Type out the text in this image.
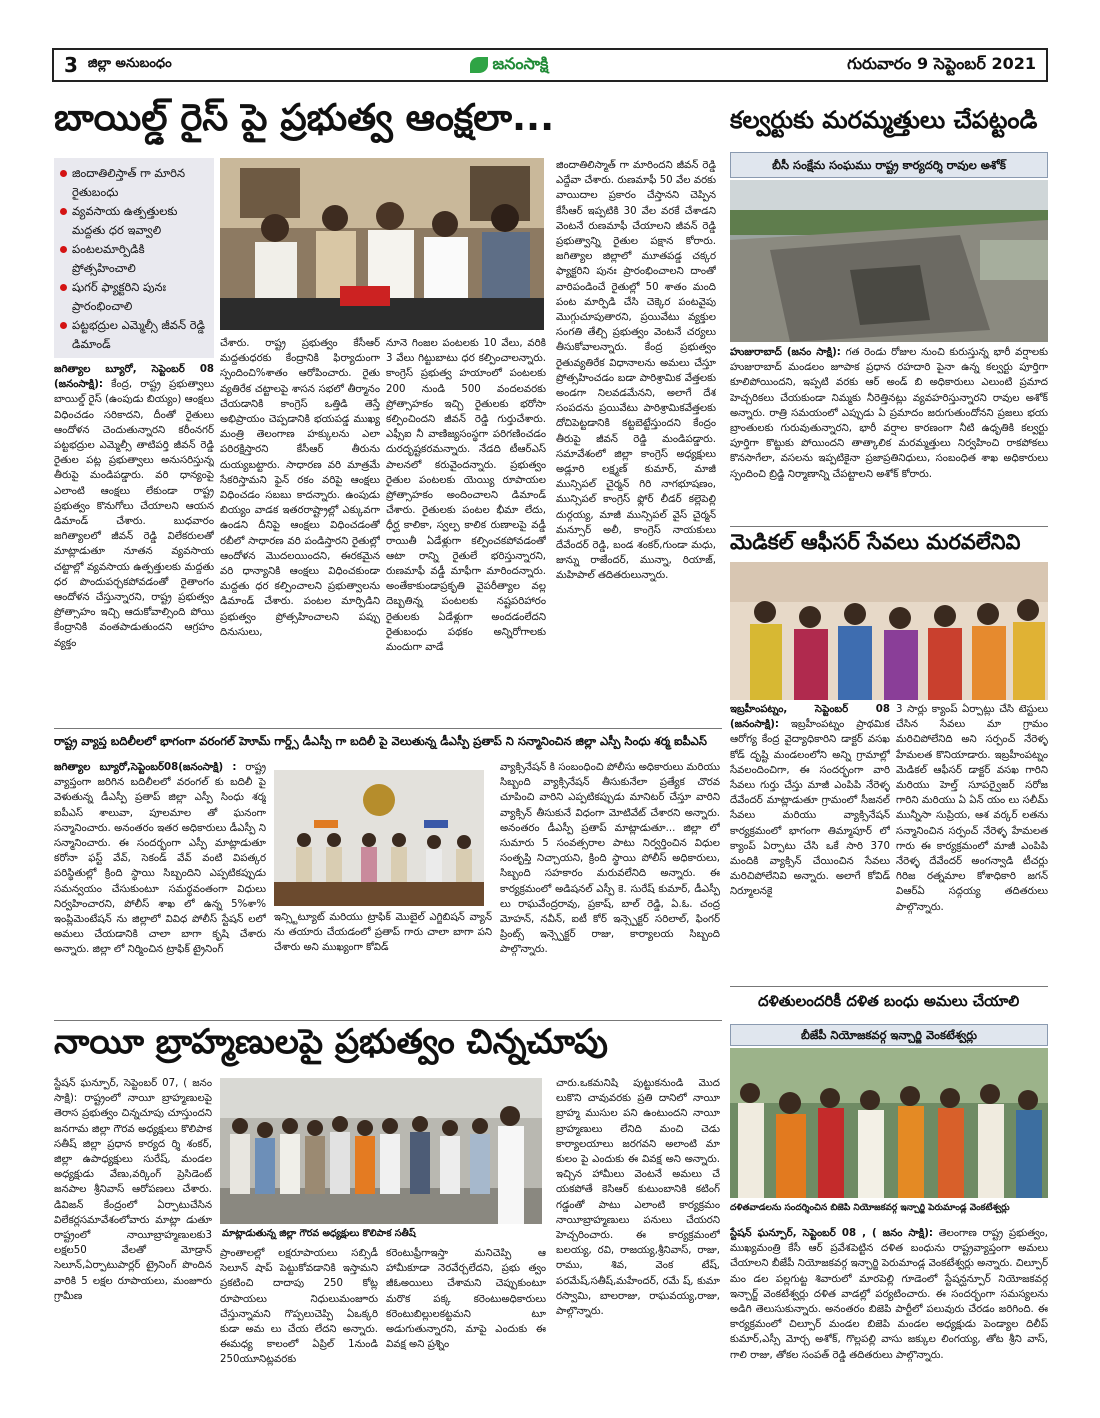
3 జిల్లా అనుబంధం	జనంసాక్షి	గురువారం 9 సెప్టెంబర్ 2021
బాయిల్డ్ రైస్ పై ప్రభుత్వ ఆంక్షలా...
జిందాతిలిస్తాత్ గా మారిన రైతుబంధు
వ్యవసాయ ఉత్పత్తులకు మద్దతు ధర ఇవ్వాలి
పంటలమార్పిడికి ప్రోత్సహించాలి
షుగర్ ఫ్యాక్టరిని పునః ప్రారంభించాలి
పట్టభద్రుల ఎమ్మెల్సీ జీవన్ రెడ్డి డిమాండ్
జగిత్యాల బ్యూరో, సెప్టెంబర్ 08 (జనంసాక్షి): కేంద్ర, రాష్ట్ర ప్రభుత్వాలు బాయిల్డ్ రైస్ (ఉంపుడు బియ్యం) ఆంక్షలు విధించడం సరికాదని, దీంతో రైతులు ఆందోళన చెందుతున్నారని కరీంనగర్ పట్టభద్రుల ఎమ్మెల్సీ తాటిపర్తి జీవన్ రెడ్డి రైతుల పట్ల ప్రభుత్వాలు అనుసరిస్తున్న తీరుపై మండిపడ్డారు. వరి ధాన్యంపై ఎలాంటి ఆంక్షలు లేకుండా రాష్ట్ర ప్రభుత్వం కొనుగోలు చేయాలని ఆయన డిమాండ్ చేశారు. బుధవారం జగిత్యాలలో జీవన్ రెడ్డి విలేకరులతో మాట్లాడుతూ నూతన వ్యవసాయ చట్టాల్లో వ్యవసాయ ఉత్పత్తులకు మద్దతు ధర పొందుపర్చకపోవడంతో రైతాంగం ఆందోళన చేస్తున్నారని, రాష్ట్ర ప్రభుత్వం ప్రోత్సాహం ఇచ్చి ఆదుకోవాల్సింది పోయి కేంద్రానికి వంతపాడుతుందని ఆగ్రహం వ్యక్తం
చేశారు. రాష్ట్ర ప్రభుత్వం కేసీఆర్ మద్దతుధరకు కేంద్రానికి ఫిర్యాదుంగా స్పందించి%శాతం ఆరోపించారు. రైతు వ్యతిరేక చట్టాలపై శాసన సభలో తీర్మానం చేయడానికి కాంగ్రెస్ ఒత్తిడి తెస్తే అభిప్రాయం చెప్పడానికి భయపడ్డ ముఖ్య మంత్రి తెలంగాణ హక్కులను ఎలా పరిరక్షిస్తారని కేసీఆర్ తీరును దుయ్యబట్టారు. సాధారణ వరి మాత్రమే సేకరిస్తామని ఫైన్ రకం వరిపై ఆంక్షలు విధించడం సబబు కాదన్నారు. ఉంపుడు బియ్యం వాడక ఇతరరాష్ట్రాల్లో ఎక్కువగా ఉండని దీనిపై ఆంక్షలు విధించడంతో రబీలో సాధారణ వరి పండిస్తారని రైతుల్లో ఆందోళన మొదలయిందని, ఈరకమైన వరి ధాన్యానికి ఆంక్షలు విధించకుండా మద్దతు ధర కల్పించాలని ప్రభుత్వాలను డిమాండ్ చేశారు. పంటల మార్పిడిని ప్రభుత్వం ప్రోత్సహించాలని పప్పు దినుసులు,
నూనె గింజల పంటలకు 10 వేలు, వరికి 3 వేలు గిట్టుబాటు ధర కల్పించాలన్నారు. కాంగ్రెస్ ప్రభుత్వ హయాంలో పంటలకు 200 నుండి 500 వందలవరకు ప్రోత్సాహకం ఇచ్చి రైతులకు భరోసా కల్పించిందని జీవన్ రెడ్డి గుర్తుచేశారు. ఎఫ్సీఐ నీ వాణిజ్యసంస్థగా పరిగణించడం దురదృష్టకరమన్నారు. నేడది టీఆర్ఎస్ పాలనలో కరువైందన్నారు. ప్రభుత్వం రైతుల పంటలకు యెయ్యి రూపాయల ప్రోత్సాహకం అందించాలని డిమాండ్ చేశారు. రైతులకు పంటల భీమా లేదు, ధీర్ఘ కాలికా, స్వల్ప కాలిక రుణాలపై వడ్డీ రాయితీ ఏడేళ్లుగా కల్పించకపోవడంతో ఆటా రాన్ని రైతులే భరిస్తున్నారని, రుణమాఫీ వడ్డీ మాఫీగా మారిందన్నారు. అంతేకాకుండాప్రకృతి వైపరీత్యాల వల్ల దెబ్బతిన్న పంటలకు నష్టపరిహారం రైతులకు ఏడేళ్లుగా అందడంలేదని రైతుబంధు పథకం అన్నిరోగాలకు మందుగా వాడే
జిందాతిలిస్మాత్ గా మారిందని జీవన్ రెడ్డి ఎద్దేవా చేశారు. రుణమాఫీ 50 వేల వరకు వాయిదాల ప్రకారం చేస్తానని చెప్పిన కేసీఆర్ ఇప్పటికి 30 వేల వరకే చేశాడని వెంటనే రుణమాఫీ చేయాలని జీవన్ రెడ్డి ప్రభుత్వాన్ని రైతుల పక్షాన కోరారు. జగిత్యాల జిల్లాలో మూతపడ్డ చక్కర ఫ్యాక్టరిని పునః ప్రారంభించాలని దాంతో వారిపండించే రైతుల్లో 50 శాతం మంది పంట మార్పిడి చేసి చెక్కెర పంటవైపు మొగ్గుచూపుతారని, ప్రయివేటు వ్యక్తుల సంగతి తేల్చి ప్రభుత్వం వెంటనే చర్యలు తీసుకోవాలన్నారు. కేంద్ర ప్రభుత్వం రైతువ్యతిరేక విధానాలను అమలు చేస్తూ ప్రోత్సహించడం బడా పారిశ్రామిక వేత్తలకు అండగా నిలవడమేనని, అలాగే దేశ సంపదను ప్రయివేటు పారిశ్రామికవేత్తలకు దోచిపెట్టడానికి కట్టబెట్టేస్తుందని కేంద్రం తీరుపై జీవన్ రెడ్డి మండిపడ్డారు. సమావేశంలో జిల్లా కాంగ్రెస్ అధ్యక్షులు అడ్లూరి లక్ష్మణ్ కుమార్, మాజీ మున్సిపల్ చైర్మన్ గిరి నాగభూషణం, మున్సిపల్ కాంగ్రెస్ ఫ్లోర్ లీడర్ కల్లెపెల్లి దుర్గయ్య, మాజీ మున్సిపల్ వైస్ చైర్మన్ మన్సూర్ అలీ, కాంగ్రెస్ నాయకులు దేవేందర్ రెడ్డి, బండ శంకర్,గుండా మధు, జున్ను రాజేందర్, మున్నా, రియాజ్, మహిపాల్ తదితరులున్నారు.
కల్వర్టుకు మరమ్మత్తులు చేపట్టండి
బీసీ సంక్షేమ సంఘము రాష్ట్ర కార్యదర్శి రావుల అశోక్
హుజురాబాద్ (జనం సాక్షి): గత రెండు రోజుల నుంచి కురుస్తున్న భారీ వర్షాలకు హుజురాబాద్ మండలం జూపాక ప్రధాన రహదారి పైనా ఉన్న కల్వర్టు పూర్తిగా కూలిపోయిందని, ఇప్పటి వరకు ఆర్ అండ్ బి అధికారులు ఎలుంటి ప్రమాద హెచ్చరికలు చేయకుండా నిమ్మకు నీరెత్తినట్లు వ్యవహరిస్తున్నారని రావుల అశోక్ అన్నారు. రాత్రి సమయంలో ఎప్పుడు ఏ ప్రమాదం జరుగుతుందోనని ప్రజలు భయ బ్రాంతులకు గురువుతున్నారని, భారీ వర్షాల కారణంగా నీటి ఉధృతికి కల్వర్టు పూర్తిగా కొట్టుకు పోయిందని తాత్కాలిక మరమ్మత్తులు నిర్వహించి రాకపోకలు కొనసాగేలా, వసలను ఇప్పటికైనా ప్రజాప్రతినిధులు, సంబంధిత శాఖ అధికారులు స్పందించి బ్రిడ్జి నిర్మాణాన్ని చేపట్టాలని అశోక్ కోరారు.
మెడికల్ ఆఫీసర్ సేవలు మరవలేనివి
ఇబ్రహీంపట్నం, సెప్టెంబర్ 08 (జనంసాక్షి): ఇబ్రహీంపట్నం ప్రాథమిక ఆరోగ్య కేంద్ర వైద్యాధికారిని డాక్టర్ వసఖ కోడ్ దృష్టి మండలంలోని అన్ని గ్రామాల్లో సేవలందించిగా, ఈ సందర్భంగా వారి సేవలు గుర్తు చేస్తు మాజీ ఎంపిపి నేరెళ్ళ దేవేందర్ మాట్లాడుతూ గ్రామంలో సీజనల్ సేవలు మరియు వ్యాక్సినేషన్ కార్యక్రమంలో భాగంగా తిమ్మాపూర్ లో క్యాంప్ ఏర్పాటు చేసి ఒకే సారి 370 మందికి వ్యాక్సిన్ చేయించిన సేవలు మరిచిపోలేనివి అన్నారు. అలాగే కోవిడ్ నిర్మూలనకై
3 సార్లు క్యాంప్ ఏర్పాట్లు చేసి టెస్టులు చేసిన సేవలు మా గ్రామం మరిచిపోలేనిది అని సర్పంచ్ నేరెళ్ళ హేమలత కొనియాడారు. ఇబ్రహీంపట్నం మెడికల్ ఆఫీసర్ డాక్టర్ వసఖ గారిని మరియు హెల్త్ సూపర్వైజర్ సరోజ గారిని మరియు ఏ ఏన్ యం లు సలీమ్ మున్నీసా సుప్రియ, ఆశ వర్కర్ లతను సన్మానించిన సర్పంచ్ నేరెళ్ళ హేమలత గారు ఈ కార్యక్రమంలో మాజీ ఎంపిపి నేరెళ్ళ దేవేందర్ అంగన్వాడి టీచర్లు గిరిజ రత్నమాల కోశాధికారి జగన్ విఆర్ఏ సద్గయ్య తదితరులు పాల్గొన్నారు.
రాష్ట్ర వ్యాప్త బదిలీలలో భాగంగా వరంగల్ హెూమ్ గార్డ్స్ డీఎస్పీ గా బదిలీ పై వెలుతున్న డీఎస్పీ ప్రతాప్ ని సన్మానించిన జిల్లా ఎస్పీ సింధు శర్మ ఐపీఎస్
జగిత్యాల బ్యూరో,సెప్టెంబర్08(జనంసాక్షి) : రాష్ట్ర వ్యాప్తంగా జరిగిన బదిలీలలో వరంగల్ కు బదిలీ పై వెళుతున్న డీఎస్పీ ప్రతాప్ జిల్లా ఎస్పీ సింధు శర్మ ఐపీఎస్ శాలువా, పూలమాల తో ఘనంగా సన్మానించారు. అనంతరం ఇతర అధికారులు డీఎస్పీ ని సన్మానించారు. ఈ సందర్భంగా ఎస్పీ మాట్లాడుతూ కరోనా ఫస్ట్ వేవ్, సెకండ్ వేవ్ వంటి విపత్కర పరిస్థితుల్లో క్రింది స్థాయి సిబ్బందిని ఎప్పటికప్పుడు సమన్వయం చేసుకుంటూ సమర్థవంతంగా విధులు నిర్వహించారని, పోలీస్ శాఖ లో ఉన్న 5%శా% ఇంప్లిమెంటేషన్ ను జిల్లాలో వివిధ పోలీస్ స్టేషన్ లలో అమలు చేయడానికి చాలా బాగా కృషి చేశారు అన్నారు. జిల్లా లో నిర్మించిన ట్రాఫిక్ ట్రైనింగ్
ఇన్స్టిట్యూట్ మరియు ట్రాఫిక్ మొబైల్ ఎగ్జిబిషన్ వ్యాన్ ను తయారు చేయడంలో ప్రతాప్ గారు చాలా బాగా పని చేశారు అని ముఖ్యంగా కోవిడ్
వ్యాక్సినేషన్ కి సంబంధించి పోలీసు అధికారులు మరియు సిబ్బంది వ్యాక్సినేషన్ తీసుకునేలా ప్రత్యేక చొరవ చూపించి వారిని ఎప్పటికప్పుడు మానిటర్ చేస్తూ వారిని వ్యాక్సిన్ తీసుకునే విధంగా మోటివేట్ చేశారని అన్నారు. అనంతరం డీఎస్పీ ప్రతాప్ మాట్లాడుతూ... జిల్లా లో సుమారు 5 సంవత్సరాల పాటు నిర్వర్తించిన విధుల సంతృప్తి నిచ్చాయని, క్రింది స్థాయి పోలీస్ అధికారులు, సిబ్బంది సహకారం మరువలేనిది అన్నారు. ఈ కార్యక్రమంలో అడిషనల్ ఎస్పీ కె. సురేష్ కుమార్, డీఎస్పీ లు రాఘవేంద్రరావు, ప్రకాష్, బాల్ రెడ్డి, ఏ.ఓ. చంద్ర మోహన్, నవీన్, ఐటీ కోర్ ఇన్స్పెక్టర్ సరిలాల్, ఫింగర్ ప్రింట్స్ ఇన్స్పెక్టర్ రాజు, కార్యాలయ సిబ్బంది పాల్గొన్నారు.
దళితులందరికీ దళిత బంధు అమలు చేయాలి
బీజేపీ నియోజకవర్గ ఇన్చార్జి వెంకటేశ్వర్లు
దళితవాడలను సందర్శించిన బిజెపి నియోజకవర్గ ఇన్చార్జి పెరుమాండ్ల వెంకటేశ్వర్లు
స్టేషన్ ఘన్పూర్, సెప్టెంబర్ 08 , ( జనం సాక్షి): తెలంగాణ రాష్ట్ర ప్రభుత్వం, ముఖ్యమంత్రి కేసీ ఆర్ ప్రవేశపెట్టిన దళిత బంధును రాష్ట్రవ్యాప్తంగా అమలు చేయాలని బీజేపీ నియోజకవర్గ ఇన్చార్జి పెరుమాండ్ల వెంకటేశ్వర్లు అన్నారు. చిల్పూర్ మం డల పల్లగుట్ట శివారులో మారపెల్లి గూడెంలో స్టేషన్ఘన్పూర్ నియోజకవర్గ ఇన్చార్జ్ వెంకటేశ్వర్లు దళిత వాడల్లో పర్యటించారు. ఈ సందర్భంగా సమస్యలను అడిగి తెలుసుకున్నారు. అనంతరం బిజెపి పార్టీలో పలువురు చేరడం జరిగింది. ఈ కార్యక్రమంలో చిల్పూర్ మండల బిజెపి మండల అధ్యక్షుడు పెండ్యాల దిలీప్ కుమార్,ఎస్సీ మోర్చ అశోక్, గొల్లపల్లి వాసు జక్కుల లింగయ్య, తోట శ్రీని వాస్, గాలి రాజు, తోకల సంపత్ రెడ్డి తదితరులు పాల్గొన్నారు.
నాయీ బ్రాహ్మణులపై ప్రభుత్వం చిన్నచూపు
స్టేషన్ ఘన్పూర్, సెప్టెంబర్ 07, ( జనం సాక్షి): రాష్ట్రంలో నాయీ బ్రాహ్మణులపై తెరాస ప్రభుత్వం చిన్నచూపు చూస్తుందని జనగామ జిల్లా గౌరవ అధ్యక్షులు కొలిపాక సతీష్ జిల్లా ప్రధాన కార్యద ర్శి శంకర్, జిల్లా ఉపాధ్యక్షులు సురేష్, మండల అధ్యక్షుడు వేణు,వర్కింగ్ ప్రెసిడెంట్ జనపాల శ్రీనివాస్ ఆరోపణలు చేశారు. డివిజన్ కేంద్రంలో ఏర్పాటుచేసిన విలేకర్లసమావేశంలోవారు మాట్లా డుతూ రాష్ట్రంలో నాయీబ్రాహ్మణులకు3 లక్షల50 వేలతో మోడ్రాన్ సెలూన్,ఏర్పాటుపార్లర్ ట్రైనింగ్ పొందిన వారికి 5 లక్షల రూపాయలు, మంజూరు గ్రామీణ
మాట్లాడుతున్న జిల్లా గౌరవ అధ్యక్షులు కొలిపాక సతీష్
ప్రాంతాలల్లో లక్షరూపాయలు సబ్సిడీ సెలూన్ షాప్ పెట్టుకోవడానికి ఇస్తామని ప్రకటించి దాదాపు 250 కోట్ల రూపాయలు నిధులుమంజూరు చేస్తున్నామని గొప్పలుచెప్పి ఏఒక్కరి కుడా అమ లు చేయ లేదని అన్నారు. ఈమధ్య కాలంలో ఏప్రిల్ 1నుండి 250యూనిట్లవరకు
కరెంటుఫ్రీగాఇస్తా మనిచెప్పి ఆ హామీకూడా నెరవేర్చలేదని, ప్రభు త్వం జీఓఅయిలు చేశామని చెప్పుకుంటూ మరొక పక్క కరెంటుఅధికారులు కరెంటుబిల్లులకట్టమని టూ అడుగుతున్నారని, మాపై ఎందుకు ఈ వివక్ష అని ప్రశ్నిం
చారు.ఒకమనిషి పుట్టుకనుండి మొద లుకొని చావువరకు ప్రతి దానిలో నాయీ బ్రాహ్మ ముసుల పని ఉంటుందని నాయీ బ్రాహ్మణులు లేనిది మంచి చెడు కార్యాలయాలు జరగవని అలాంటి మా కులం పై ఎందుకు ఈ వివక్ష అని అన్నారు. ఇచ్చిన హామీలు వెంటనే అమలు చే యకపోతే కెసిఆర్ కుటుంబానికి కటింగ్ గడ్డంతో పాటు ఎలాంటి కార్యక్రమం నాయీబ్రాహ్మణులు పనులు చేయరని హెచ్చరించారు. ఈ కార్యక్రమంలో బలయ్య, రవి, రాజయ్య,శ్రీనివాస్, రాజు, రాము, శివ, వెంక టేష్, పరమేష్,సతీష్,మహేందర్, రమే ష్, కుమా రస్వామి, బాలరాజు, రాఘవయ్య,రాజు, పాల్గొన్నారు.
